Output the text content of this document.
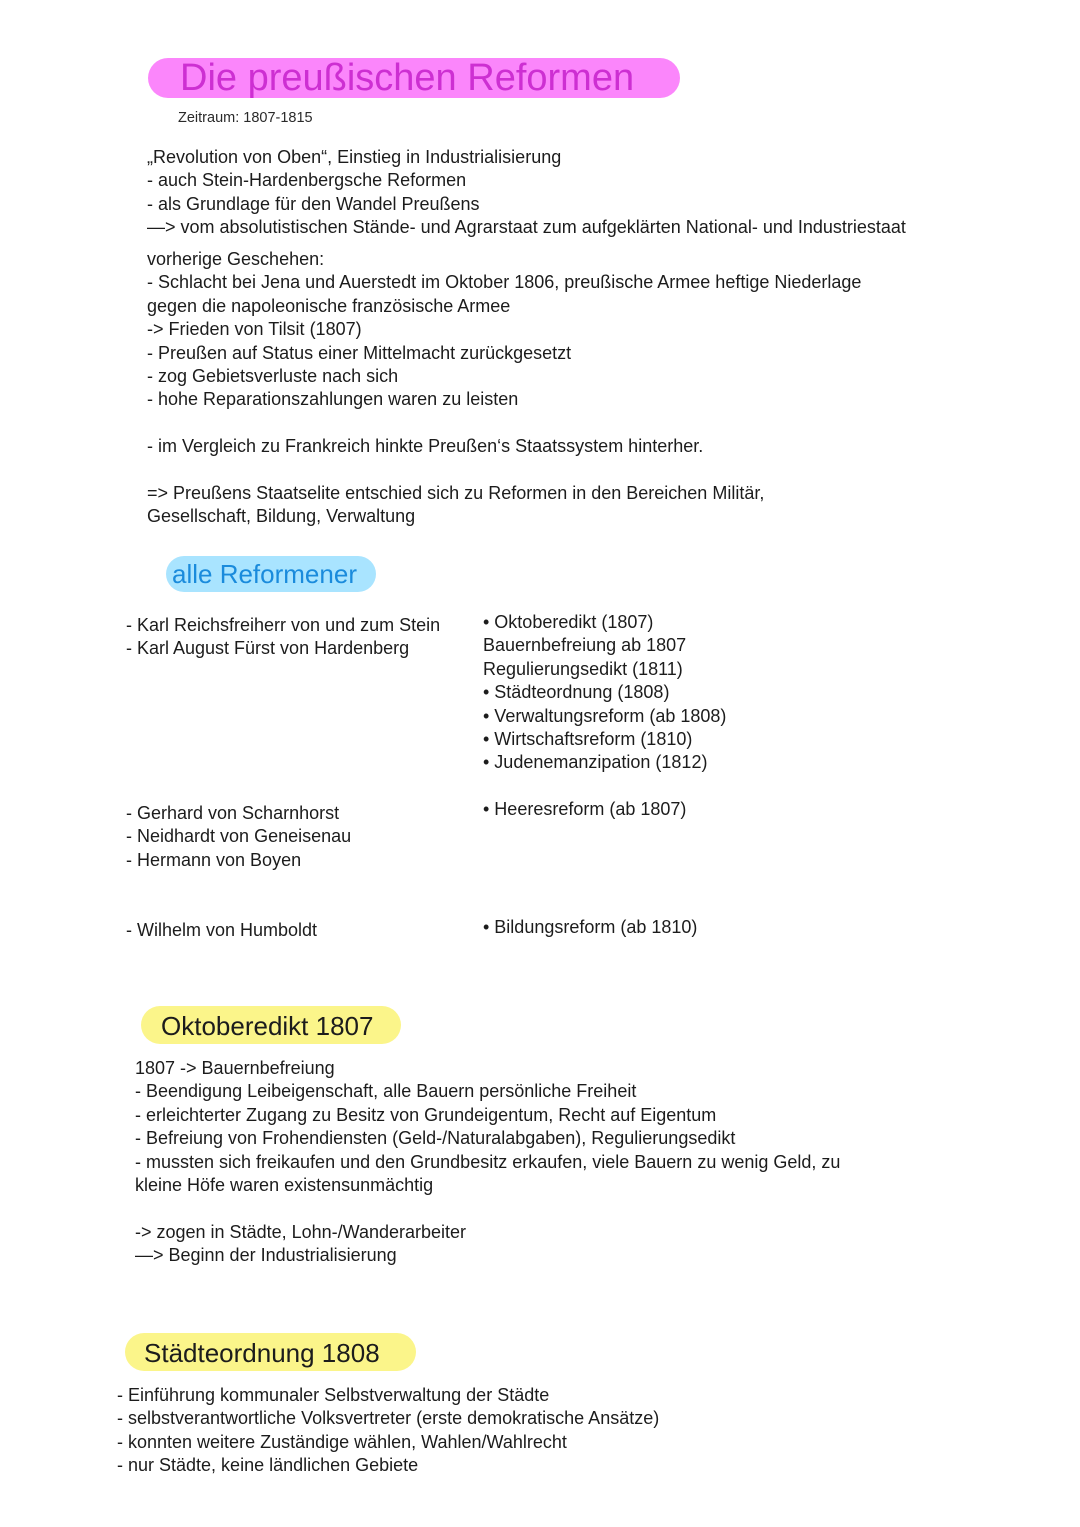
Die preußischen Reformen
Zeitraum: 1807-1815
„Revolution von Oben“, Einstieg in Industrialisierung
- auch Stein-Hardenbergsche Reformen
- als Grundlage für den Wandel Preußens
—> vom absolutistischen Stände- und Agrarstaat zum aufgeklärten National- und Industriestaat
vorherige Geschehen:
- Schlacht bei Jena und Auerstedt im Oktober 1806, preußische Armee heftige Niederlage
gegen die napoleonische französische Armee
-> Frieden von Tilsit (1807)
- Preußen auf Status einer Mittelmacht zurückgesetzt
- zog Gebietsverluste nach sich
- hohe Reparationszahlungen waren zu leisten
- im Vergleich zu Frankreich hinkte Preußen‘s Staatssystem hinterher.
=> Preußens Staatselite entschied sich zu Reformen in den Bereichen Militär,
Gesellschaft, Bildung, Verwaltung
alle Reformener
- Karl Reichsfreiherr von und zum Stein
- Karl August Fürst von Hardenberg
• Oktoberedikt (1807)
Bauernbefreiung ab 1807
Regulierungsedikt (1811)
• Städteordnung (1808)
• Verwaltungsreform (ab 1808)
• Wirtschaftsreform (1810)
• Judenemanzipation (1812)
- Gerhard von Scharnhorst
- Neidhardt von Geneisenau
- Hermann von Boyen
• Heeresreform (ab 1807)
- Wilhelm von Humboldt	• Bildungsreform (ab 1810)
Oktoberedikt 1807
1807 -> Bauernbefreiung
- Beendigung Leibeigenschaft, alle Bauern persönliche Freiheit
- erleichterter Zugang zu Besitz von Grundeigentum, Recht auf Eigentum
- Befreiung von Frohendiensten (Geld-/Naturalabgaben), Regulierungsedikt
- mussten sich freikaufen und den Grundbesitz erkaufen, viele Bauern zu wenig Geld, zu
kleine Höfe waren existensunmächtig
-> zogen in Städte, Lohn-/Wanderarbeiter
—> Beginn der Industrialisierung
Städteordnung 1808
- Einführung kommunaler Selbstverwaltung der Städte
- selbstverantwortliche Volksvertreter (erste demokratische Ansätze)
- konnten weitere Zuständige wählen, Wahlen/Wahlrecht
- nur Städte, keine ländlichen Gebiete
